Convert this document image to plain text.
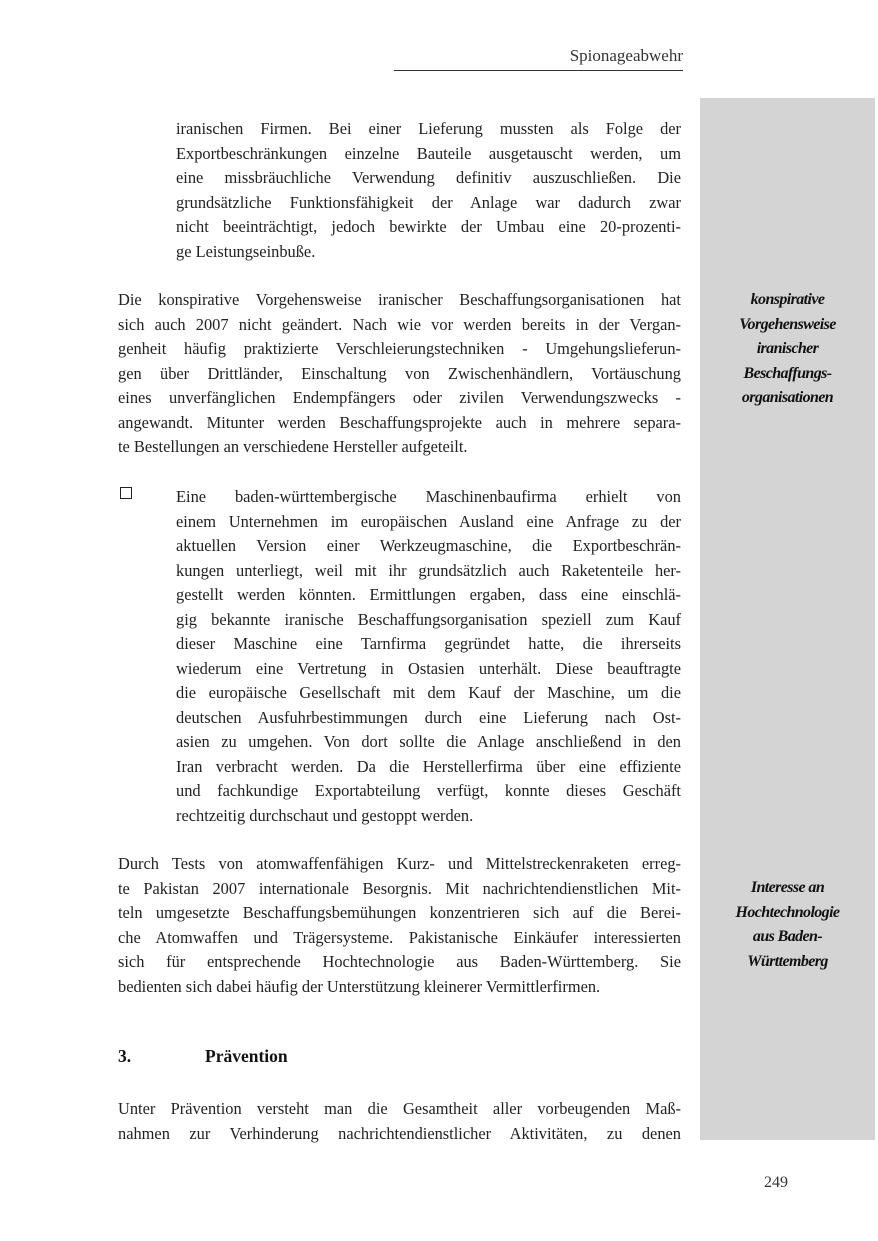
Spionageabwehr
iranischen Firmen. Bei einer Lieferung mussten als Folge der
Exportbeschränkungen einzelne Bauteile ausgetauscht werden, um
eine missbräuchliche Verwendung definitiv auszuschließen. Die
grundsätzliche Funktionsfähigkeit der Anlage war dadurch zwar
nicht beeinträchtigt, jedoch bewirkte der Umbau eine 20-prozenti-
ge Leistungseinbuße.
Die konspirative Vorgehensweise iranischer Beschaffungsorganisationen hat
sich auch 2007 nicht geändert. Nach wie vor werden bereits in der Vergan-
genheit häufig praktizierte Verschleierungstechniken - Umgehungslieferun-
gen über Drittländer, Einschaltung von Zwischenhändlern, Vortäuschung
eines unverfänglichen Endempfängers oder zivilen Verwendungszwecks -
angewandt. Mitunter werden Beschaffungsprojekte auch in mehrere separa-
te Bestellungen an verschiedene Hersteller aufgeteilt.
konspirative
Vorgehensweise
iranischer
Beschaffungs-
organisationen
Eine baden-württembergische Maschinenbaufirma erhielt von
einem Unternehmen im europäischen Ausland eine Anfrage zu der
aktuellen Version einer Werkzeugmaschine, die Exportbeschrän-
kungen unterliegt, weil mit ihr grundsätzlich auch Raketenteile her-
gestellt werden könnten. Ermittlungen ergaben, dass eine einschlä-
gig bekannte iranische Beschaffungsorganisation speziell zum Kauf
dieser Maschine eine Tarnfirma gegründet hatte, die ihrerseits
wiederum eine Vertretung in Ostasien unterhält. Diese beauftragte
die europäische Gesellschaft mit dem Kauf der Maschine, um die
deutschen Ausfuhrbestimmungen durch eine Lieferung nach Ost-
asien zu umgehen. Von dort sollte die Anlage anschließend in den
Iran verbracht werden. Da die Herstellerfirma über eine effiziente
und fachkundige Exportabteilung verfügt, konnte dieses Geschäft
rechtzeitig durchschaut und gestoppt werden.
Durch Tests von atomwaffenfähigen Kurz- und Mittelstreckenraketen erreg-
te Pakistan 2007 internationale Besorgnis. Mit nachrichtendienstlichen Mit-
teln umgesetzte Beschaffungsbemühungen konzentrieren sich auf die Berei-
che Atomwaffen und Trägersysteme. Pakistanische Einkäufer interessierten
sich für entsprechende Hochtechnologie aus Baden-Württemberg. Sie
bedienten sich dabei häufig der Unterstützung kleinerer Vermittlerfirmen.
Interesse an
Hochtechnologie
aus Baden-
Württemberg
3.	Prävention
Unter Prävention versteht man die Gesamtheit aller vorbeugenden Maß-
nahmen zur Verhinderung nachrichtendienstlicher Aktivitäten, zu denen
249
